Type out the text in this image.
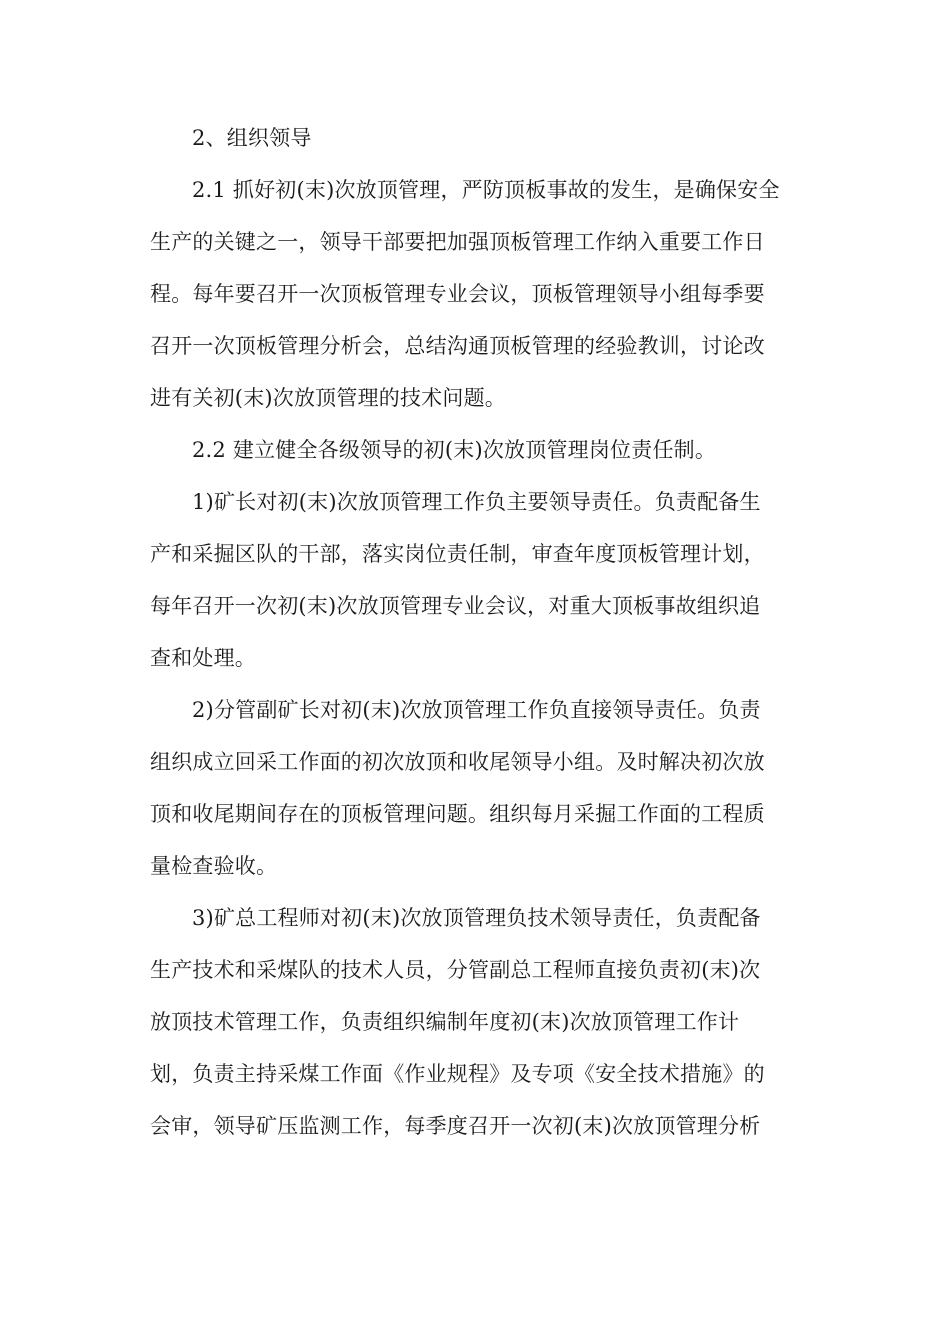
2、组织领导
2.1 抓好初(末)次放顶管理，严防顶板事故的发生，是确保安全
生产的关键之一，领导干部要把加强顶板管理工作纳入重要工作日
程。每年要召开一次顶板管理专业会议，顶板管理领导小组每季要
召开一次顶板管理分析会，总结沟通顶板管理的经验教训，讨论改
进有关初(末)次放顶管理的技术问题。
2.2 建立健全各级领导的初(末)次放顶管理岗位责任制。
1)矿长对初(末)次放顶管理工作负主要领导责任。负责配备生
产和采掘区队的干部，落实岗位责任制，审查年度顶板管理计划，
每年召开一次初(末)次放顶管理专业会议，对重大顶板事故组织追
查和处理。
2)分管副矿长对初(末)次放顶管理工作负直接领导责任。负责
组织成立回采工作面的初次放顶和收尾领导小组。及时解决初次放
顶和收尾期间存在的顶板管理问题。组织每月采掘工作面的工程质
量检查验收。
3)矿总工程师对初(末)次放顶管理负技术领导责任，负责配备
生产技术和采煤队的技术人员，分管副总工程师直接负责初(末)次
放顶技术管理工作，负责组织编制年度初(末)次放顶管理工作计
划，负责主持采煤工作面《作业规程》及专项《安全技术措施》的
会审，领导矿压监测工作，每季度召开一次初(末)次放顶管理分析
